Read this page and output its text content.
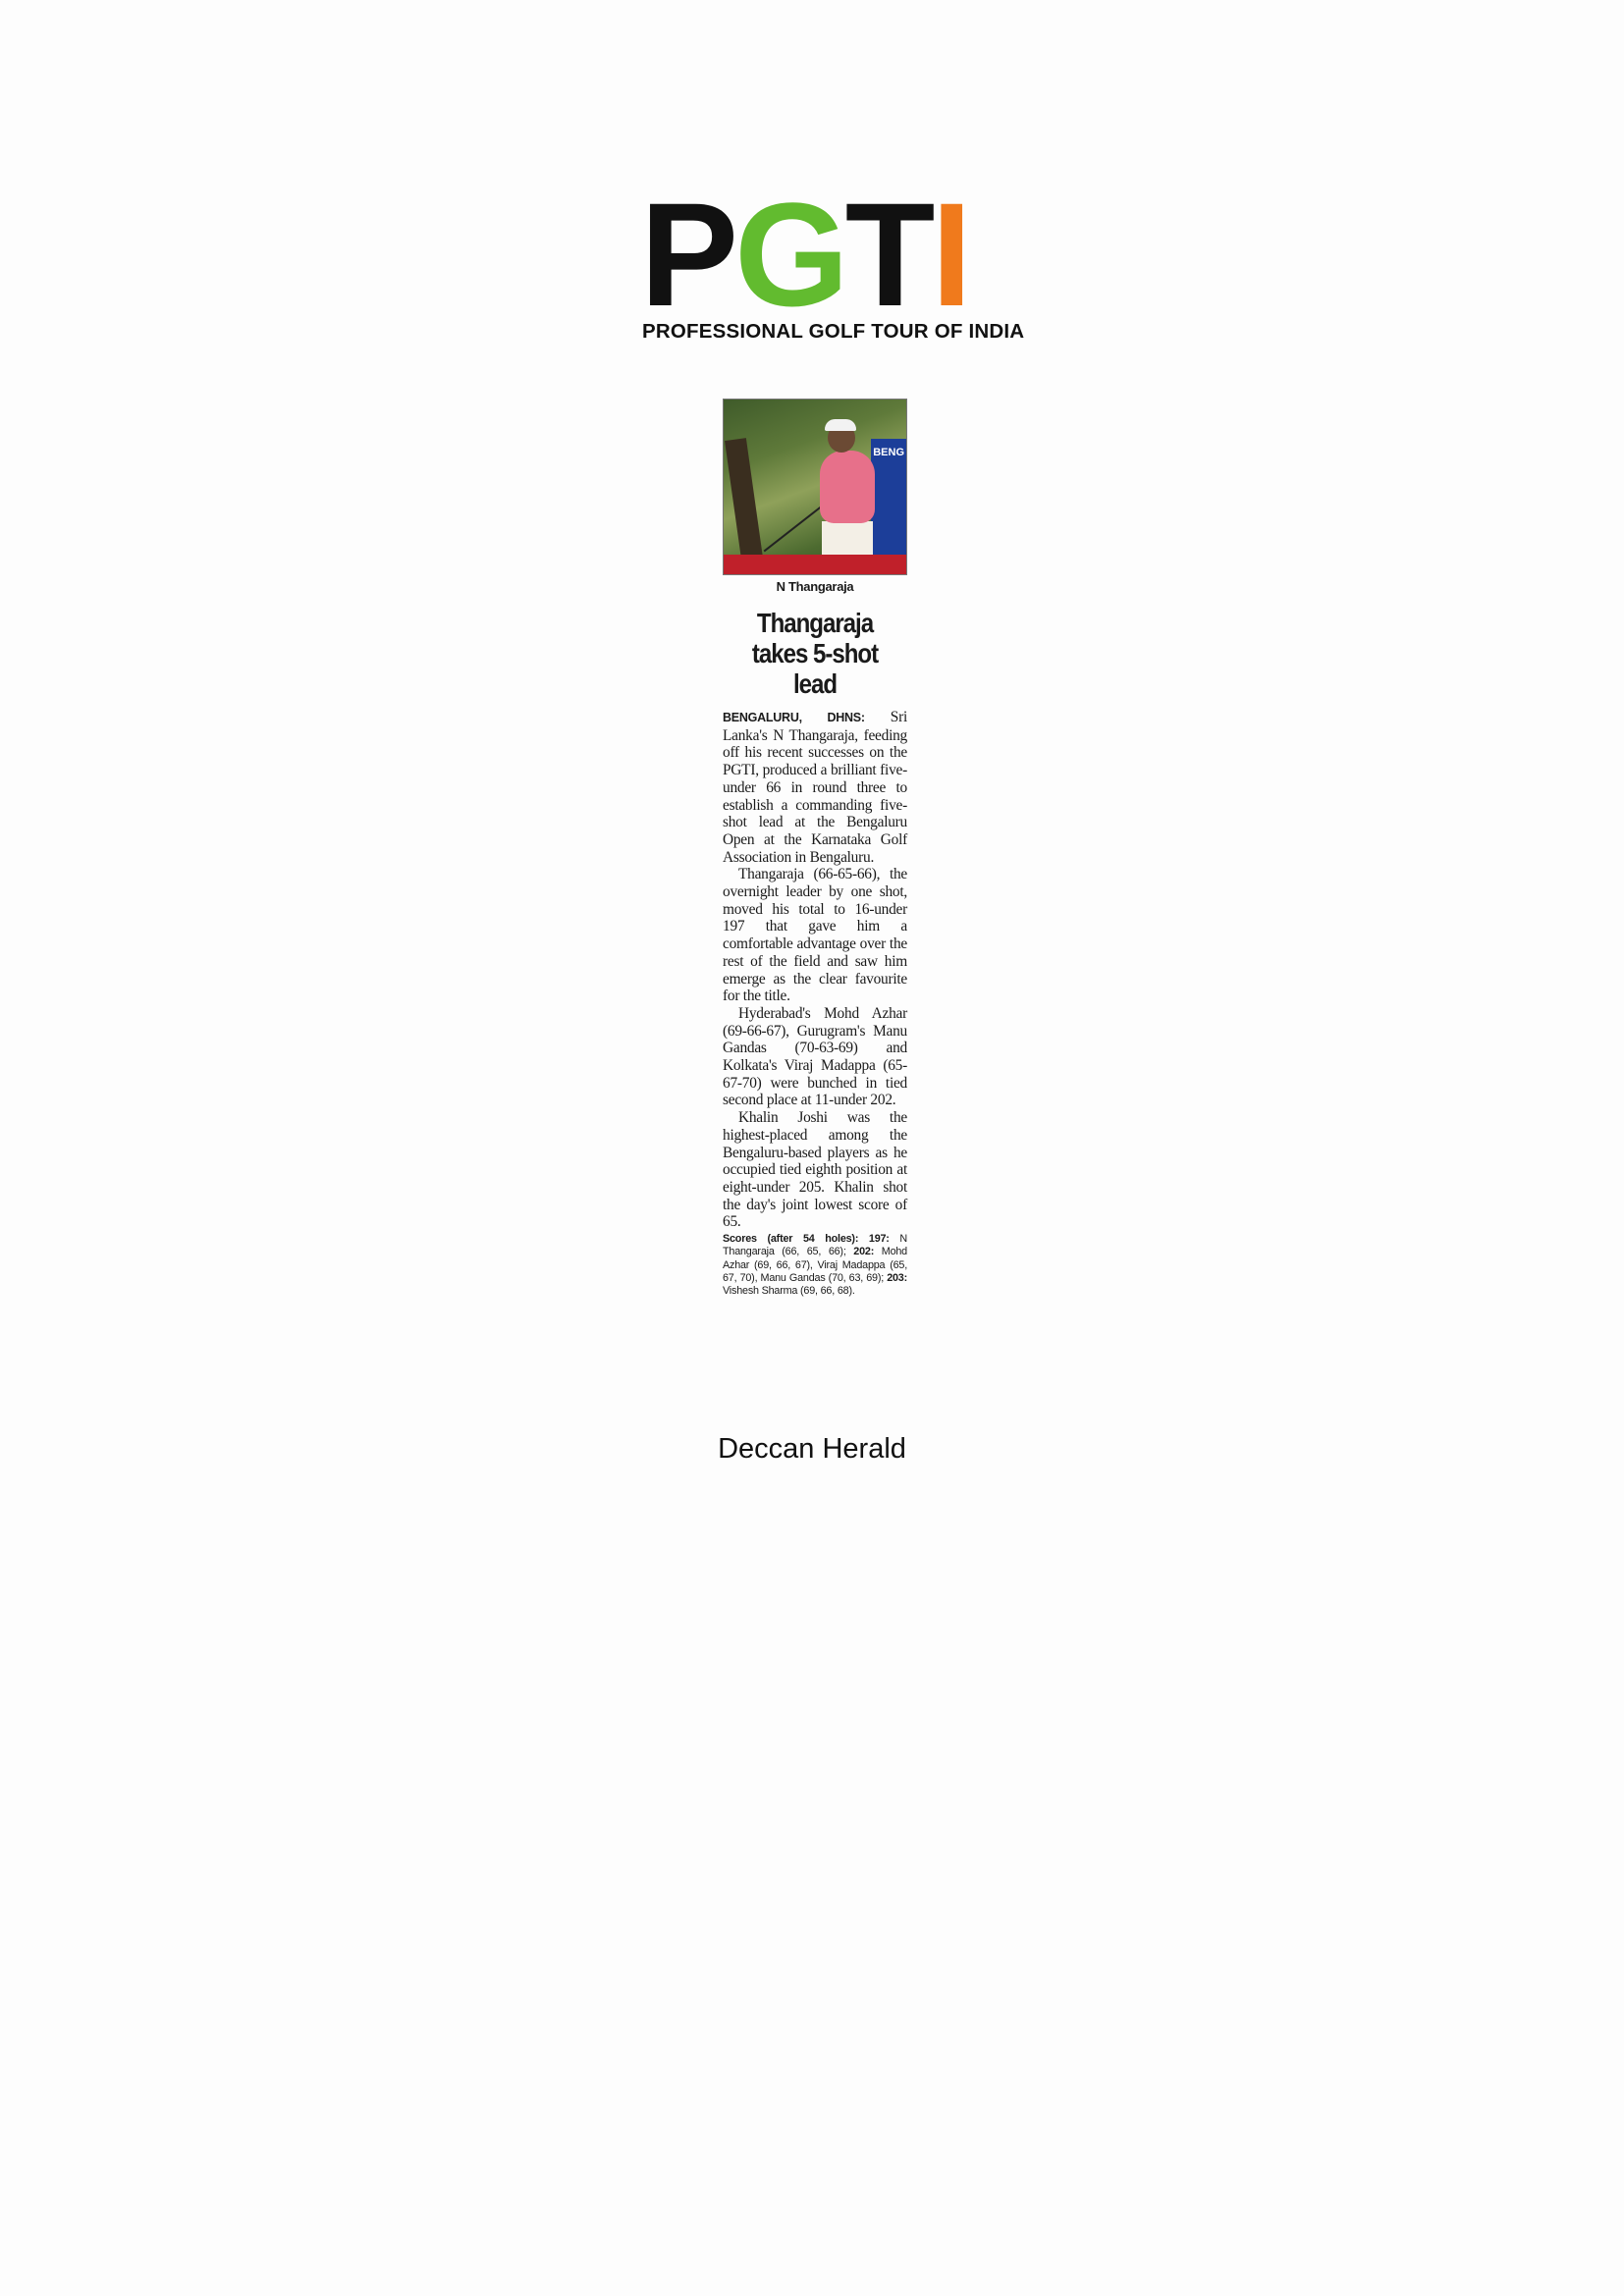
PGTI
PROFESSIONAL GOLF TOUR OF INDIA
BENG
N Thangaraja
Thangaraja takes 5-shot lead

BENGALURU, DHNS: Sri Lanka's N Thangaraja, feeding off his recent successes on the PGTI, produced a brilliant five-under 66 in round three to establish a commanding five-shot lead at the Bengaluru Open at the Karnataka Golf Association in Bengaluru.

Thangaraja (66-65-66), the overnight leader by one shot, moved his total to 16-under 197 that gave him a comfortable advantage over the rest of the field and saw him emerge as the clear favourite for the title.

Hyderabad's Mohd Azhar (69-66-67), Gurugram's Manu Gandas (70-63-69) and Kolkata's Viraj Madappa (65-67-70) were bunched in tied second place at 11-under 202.

Khalin Joshi was the highest-placed among the Bengaluru-based players as he occupied tied eighth position at eight-under 205. Khalin shot the day's joint lowest score of 65.

Scores (after 54 holes): 197: N Thangaraja (66, 65, 66); 202: Mohd Azhar (69, 66, 67), Viraj Madappa (65, 67, 70), Manu Gandas (70, 63, 69); 203: Vishesh Sharma (69, 66, 68).

Deccan Herald
